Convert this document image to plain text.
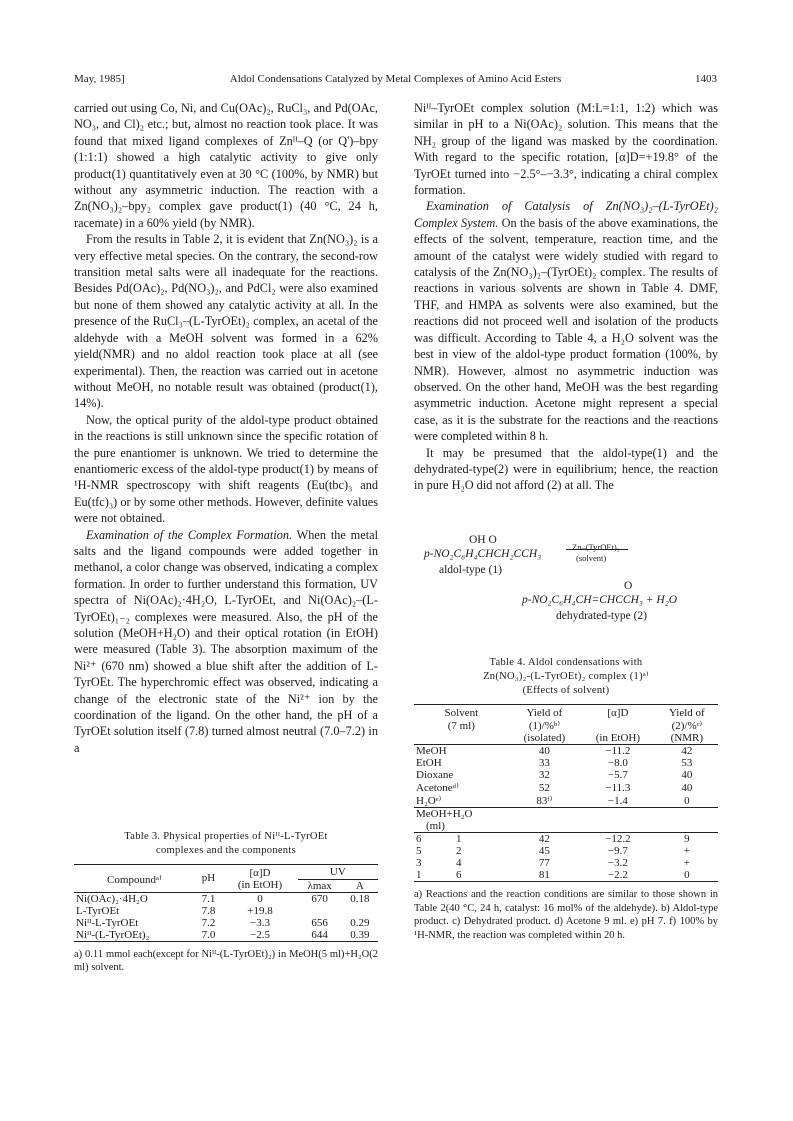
May, 1985]	Aldol Condensations Catalyzed by Metal Complexes of Amino Acid Esters	1403

carried out using Co, Ni, and Cu(OAc)₂, RuCl₃, and Pd(OAc, NO₃, and Cl)₂ etc.; but, almost no reaction took place. It was found that mixed ligand complexes of Znᴵᴵ–Q (or Q')–bpy (1:1:1) showed a high catalytic activity to give only product(1) quantitatively even at 30 °C (100%, by NMR) but without any asymmetric induction. The reaction with a Zn(NO₃)₂–bpy₂ complex gave product(1) (40 °C, 24 h, racemate) in a 60% yield (by NMR).

From the results in Table 2, it is evident that Zn(NO₃)₂ is a very effective metal species. On the contrary, the second-row transition metal salts were all inadequate for the reactions. Besides Pd(OAc)₂, Pd(NO₃)₂, and PdCl₂ were also examined but none of them showed any catalytic activity at all. In the presence of the RuCl₃–(L-TyrOEt)₂ complex, an acetal of the aldehyde with a MeOH solvent was formed in a 62% yield(NMR) and no aldol reaction took place at all (see experimental). Then, the reaction was carried out in acetone without MeOH, no notable result was obtained (product(1), 14%).

Now, the optical purity of the aldol-type product obtained in the reactions is still unknown since the specific rotation of the pure enantiomer is unknown. We tried to determine the enantiomeric excess of the aldol-type product(1) by means of ¹H-NMR spectroscopy with shift reagents (Eu(tbc)₃ and Eu(tfc)₃) or by some other methods. However, definite values were not obtained.

Examination of the Complex Formation. When the metal salts and the ligand compounds were added together in methanol, a color change was observed, indicating a complex formation. In order to further understand this formation, UV spectra of Ni(OAc)₂·4H₂O, L-TyrOEt, and Ni(OAc)₂–(L-TyrOEt)₁₋₂ complexes were measured. Also, the pH of the solution (MeOH+H₂O) and their optical rotation (in EtOH) were measured (Table 3). The absorption maximum of the Ni²⁺ (670 nm) showed a blue shift after the addition of L-TyrOEt. The hyperchromic effect was observed, indicating a change of the electronic state of the Ni²⁺ ion by the coordination of the ligand. On the other hand, the pH of a TyrOEt solution itself (7.8) turned almost neutral (7.0–7.2) in a

Table 3. Physical properties of Niᴵᴵ-L-TyrOEt
complexes and the components
Compoundᵃ⁾	pH	[α]D	UV	
		(in EtOH)	λmax	A
Ni(OAc)₂·4H₂O	7.1	0	670	0.18
L-TyrOEt	7.8	+19.8		
Niᴵᴵ-L-TyrOEt	7.2	−3.3	656	0.29
Niᴵᴵ-(L-TyrOEt)₂	7.0	−2.5	644	0.39
a) 0.11 mmol each(except for Niᴵᴵ-(L-TyrOEt)₂) in MeOH(5 ml)+H₂O(2 ml) solvent.

Niᴵᴵ–TyrOEt complex solution (M:L=1:1, 1:2) which was similar in pH to a Ni(OAc)₂ solution. This means that the NH₂ group of the ligand was masked by the coordination. With regard to the specific rotation, [α]D=+19.8° of the TyrOEt turned into −2.5°–−3.3°, indicating a chiral complex formation.

Examination of Catalysis of Zn(NO₃)₂–(L-TyrOEt)₂ Complex System. On the basis of the above examinations, the effects of the solvent, temperature, reaction time, and the amount of the catalyst were widely studied with regard to catalysis of the Zn(NO₃)₂–(TyrOEt)₂ complex. The results of reactions in various solvents are shown in Table 4. DMF, THF, and HMPA as solvents were also examined, but the reactions did not proceed well and isolation of the products was difficult. According to Table 4, a H₂O solvent was the best in view of the aldol-type product formation (100%, by NMR). However, almost no asymmetric induction was observed. On the other hand, MeOH was the best regarding asymmetric induction. Acetone might represent a special case, as it is the substrate for the reactions and the reactions were completed within 8 h.

It may be presumed that the aldol-type(1) and the dehydrated-type(2) were in equilibrium; hence, the reaction in pure H₂O did not afford (2) at all. The

OH O
p-NO₂C₆H₄CHCH₂CCH₃
Zn–(TyrOEt)₂
(solvent)
aldol-type (1)
O
p-NO₂C₆H₄CH=CHCCH₃ + H₂O
dehydrated-type (2)
Table 4. Aldol condensations with
Zn(NO₃)₂-(L-TyrOEt)₂ complex (1)ᵃ⁾
(Effects of solvent)
Solvent	Yield of	[α]D	Yield of
(7 ml)	(1)/%ᵇ⁾		(2)/%ᶜ⁾
	(isolated)	(in EtOH)	(NMR)
MeOH	40	−11.2	42
EtOH	33	−8.0	53
Dioxane	32	−5.7	40
Acetoneᵈ⁾	52	−11.3	40
H₂Oᵉ⁾	83ᶠ⁾	−1.4	0
MeOH+H₂O			
(ml)			
6 1	42	−12.2	9
5 2	45	−9.7	+
3 4	77	−3.2	+
1 6	81	−2.2	0
a) Reactions and the reaction conditions are similar to those shown in Table 2(40 °C, 24 h, catalyst: 16 mol% of the aldehyde). b) Aldol-type product. c) Dehydrated product. d) Acetone 9 ml. e) pH 7. f) 100% by ¹H-NMR, the reaction was completed within 20 h.
